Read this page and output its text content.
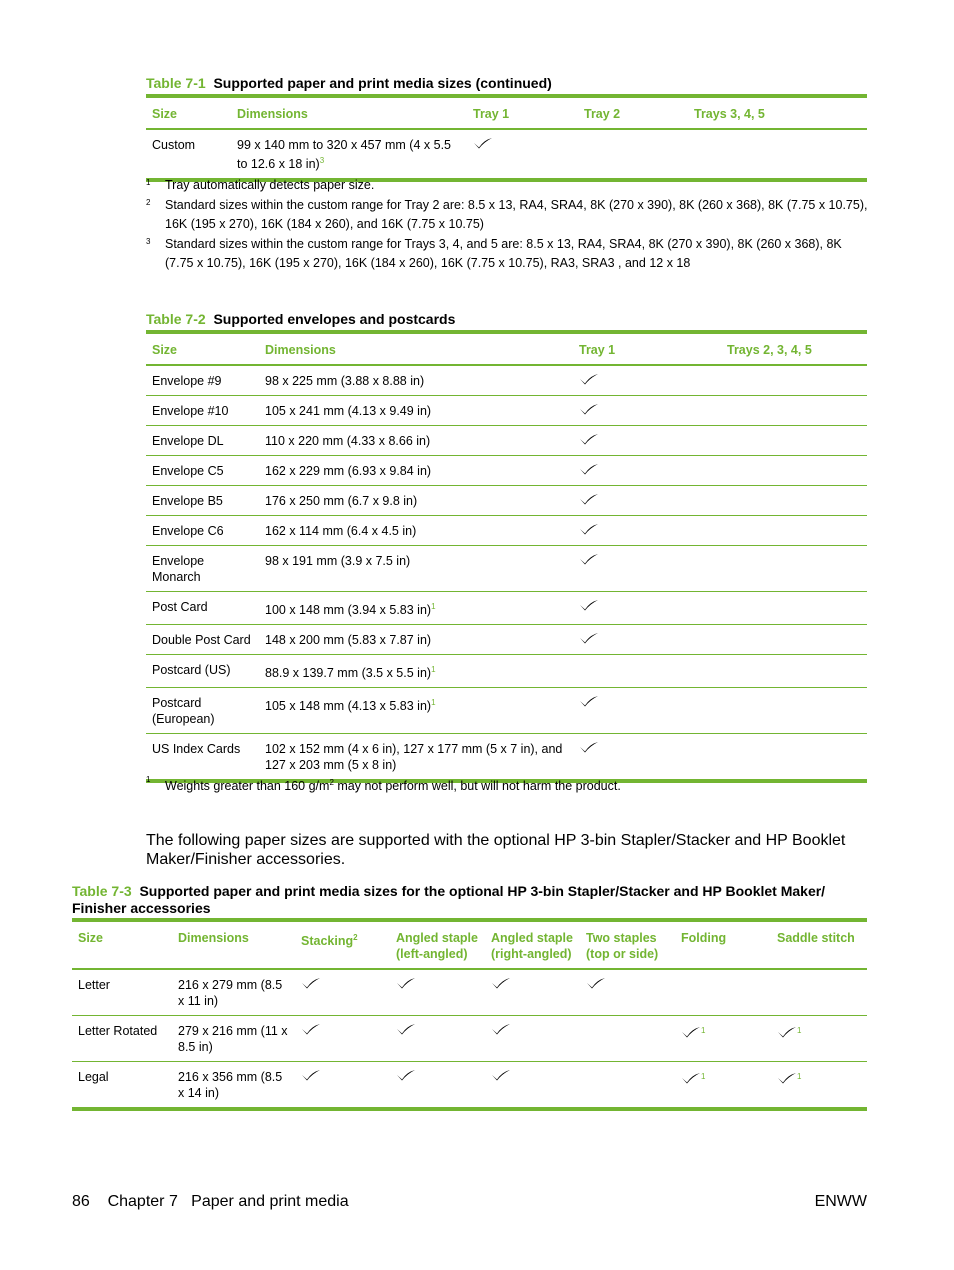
Table 7-1 Supported paper and print media sizes (continued)
Size	Dimensions	Tray 1	Tray 2	Trays 3, 4, 5
Custom	99 x 140 mm to 320 x 457 mm (4 x 5.5 to 12.6 x 18 in)$^3$			
1 Tray automatically detects paper size.
2 Standard sizes within the custom range for Tray 2 are: 8.5 x 13, RA4, SRA4, 8K (270 x 390), 8K (260 x 368), 8K (7.75 x 10.75), 16K (195 x 270), 16K (184 x 260), and 16K (7.75 x 10.75)
3 Standard sizes within the custom range for Trays 3, 4, and 5 are: 8.5 x 13, RA4, SRA4, 8K (270 x 390), 8K (260 x 368), 8K (7.75 x 10.75), 16K (195 x 270), 16K (184 x 260), 16K (7.75 x 10.75), RA3, SRA3 , and 12 x 18
Table 7-2 Supported envelopes and postcards
Size	Dimensions	Tray 1	Trays 2, 3, 4, 5
Envelope #9	98 x 225 mm (3.88 x 8.88 in)		
Envelope #10	105 x 241 mm (4.13 x 9.49 in)		
Envelope DL	110 x 220 mm (4.33 x 8.66 in)		
Envelope C5	162 x 229 mm (6.93 x 9.84 in)		
Envelope B5	176 x 250 mm (6.7 x 9.8 in)		
Envelope C6	162 x 114 mm (6.4 x 4.5 in)		
Envelope Monarch	98 x 191 mm (3.9 x 7.5 in)		
Post Card	100 x 148 mm (3.94 x 5.83 in)$^1$		
Double Post Card	148 x 200 mm (5.83 x 7.87 in)		
Postcard (US)	88.9 x 139.7 mm (3.5 x 5.5 in)$^1$		
Postcard (European)	105 x 148 mm (4.13 x 5.83 in)$^1$		
US Index Cards	102 x 152 mm (4 x 6 in), 127 x 177 mm (5 x 7 in), and 127 x 203 mm (5 x 8 in)		
1 Weights greater than 160 $g/m^2$ may not perform well, but will not harm the product.
The following paper sizes are supported with the optional HP 3-bin Stapler/Stacker and HP Booklet Maker/Finisher accessories.
Table 7-3 Supported paper and print media sizes for the optional HP 3-bin Stapler/Stacker and HP Booklet Maker/ Finisher accessories
Size	Dimensions	Stacking$^2$	Angled staple (left-angled)	Angled staple (right-angled)	Two staples (top or side)	Folding	Saddle stitch
Letter	216 x 279 mm (8.5 x 11 in)						
Letter Rotated	279 x 216 mm (11 x 8.5 in)					$^1$	$^1$
Legal	216 x 356 mm (8.5 x 14 in)					$^1$	$^1$
86 Chapter 7   Paper and print media	ENWW
